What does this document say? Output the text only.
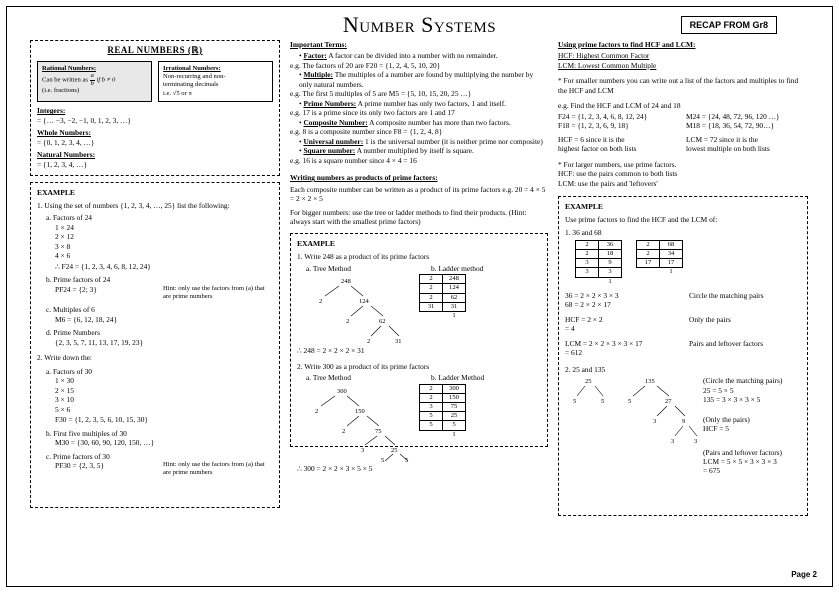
Number Systems	RECAP FROM Gr8
REAL NUMBERS (ℝ)
Rational Numbers:
Can be written as $\frac{a}{b}$ if b ≠ 0
(i.e. fractions)
Irrational Numbers:
Non-recurring and non-
terminating decimals
i.e. √5 or π
Integers:
= {… −3, −2, −1, 0, 1, 2, 3, …}
Whole Numbers:
= {0, 1, 2, 3, 4, …}
Natural Numbers:
= {1, 2, 3, 4, …}
EXAMPLE
1. Using the set of numbers {1, 2, 3, 4, …, 25} list the following:
a. Factors of 24
1 × 24
2 × 12
3 × 8
4 × 6
∴ F24 = {1, 2, 3, 4, 6, 8, 12, 24}
b. Prime factors of 24
PF24 = {2; 3}	Hint: only use the factors from (a) that are prime numbers
c. Multiples of 6
M6 = {6, 12, 18, 24}
d. Prime Numbers
{2, 3, 5, 7, 11, 13, 17, 19, 23}
2. Write down the:
a. Factors of 30
1 × 30
2 × 15
3 × 10
5 × 6
F30 = {1, 2, 3, 5, 6, 10, 15, 30}
b. First five multiples of 30
M30 = {30, 60, 90, 120, 150, …}
c. Prime factors of 30
PF30 = {2, 3, 5}	Hint: only use the factors from (a) that are prime numbers
Important Terms:
• Factor: A factor can be divided into a number with no remainder.
e.g. The factors of 20 are F20 = {1, 2, 4, 5, 10, 20}
• Multiple: The multiples of a number are found by multiplying the number by only natural numbers.
e.g. The first 5 multiples of 5 are M5 = {5, 10, 15, 20, 25 …}
• Prime Numbers: A prime number has only two factors, 1 and itself.
e.g. 17 is a prime since its only two factors are 1 and 17
• Composite Number: A composite number has more than two factors.
e.g. 8 is a composite number since F8 = {1, 2, 4, 8}
• Universal number: 1 is the universal number (it is neither prime nor composite)
• Square number: A number multiplied by itself is square.
e.g. 16 is a square number since 4 × 4 = 16
Writing numbers as products of prime factors:
Each composite number can be written as a product of its prime factors e.g. 20 = 4 × 5 = 2 × 2 × 5
For bigger numbers: use the tree or ladder methods to find their products. (Hint: always start with the smallest prime factors)
EXAMPLE
1. Write 248 as a product of its prime factors
a. Tree Method	b. Ladder method
248
2	124
2	62
2	31
2	248
2	124
2	62
31	31
	1
∴ 248 = 2 × 2 × 2 × 31
2. Write 300 as a product of its prime factors
a. Tree Method	b. Ladder Method
300
2	150
2	75
3	25
5	5
2	300
2	150
3	75
5	25
5	5
	1
∴ 300 = 2 × 2 × 3 × 5 × 5
Using prime factors to find HCF and LCM:
HCF: Highest Common Factor
LCM: Lowest Common Multiple
* For smaller numbers you can write out a list of the factors and multiples to find the HCF and LCM
e.g. Find the HCF and LCM of 24 and 18
F24 = {1, 2, 3, 4, 6, 8, 12, 24}
F18 = {1, 2, 3, 6, 9, 18}
M24 = {24, 48, 72, 96, 120 …}
M18 = {18, 36, 54, 72, 90…}
HCF = 6 since it is the
highest factor on both lists
LCM = 72 since it is the
lowest multiple on both lists
* For larger numbers, use prime factors.
HCF: use the pairs common to both lists
LCM: use the pairs and 'leftovers'
EXAMPLE
Use prime factors to find the HCF and the LCM of:
1. 36 and 68
2	36
2	18
3	9
3	3
	1
2	68
2	34
17	17
	1
36 = 2 × 2 × 3 × 3
68 = 2 × 2 × 17
Circle the matching pairs
HCF = 2 × 2
= 4
Only the pairs
LCM = 2 × 2 × 3 × 3 × 17
= 612
Pairs and leftover factors
2. 25 and 135
25
5	5
135
5	27
3	9
3	3
(Circle the matching pairs)
25 = 5 × 5
135 = 3 × 3 × 3 × 5
(Only the pairs)
HCF = 5
(Pairs and leftover factors)
LCM = 5 × 5 × 3 × 3 × 3
= 675
Page 2
